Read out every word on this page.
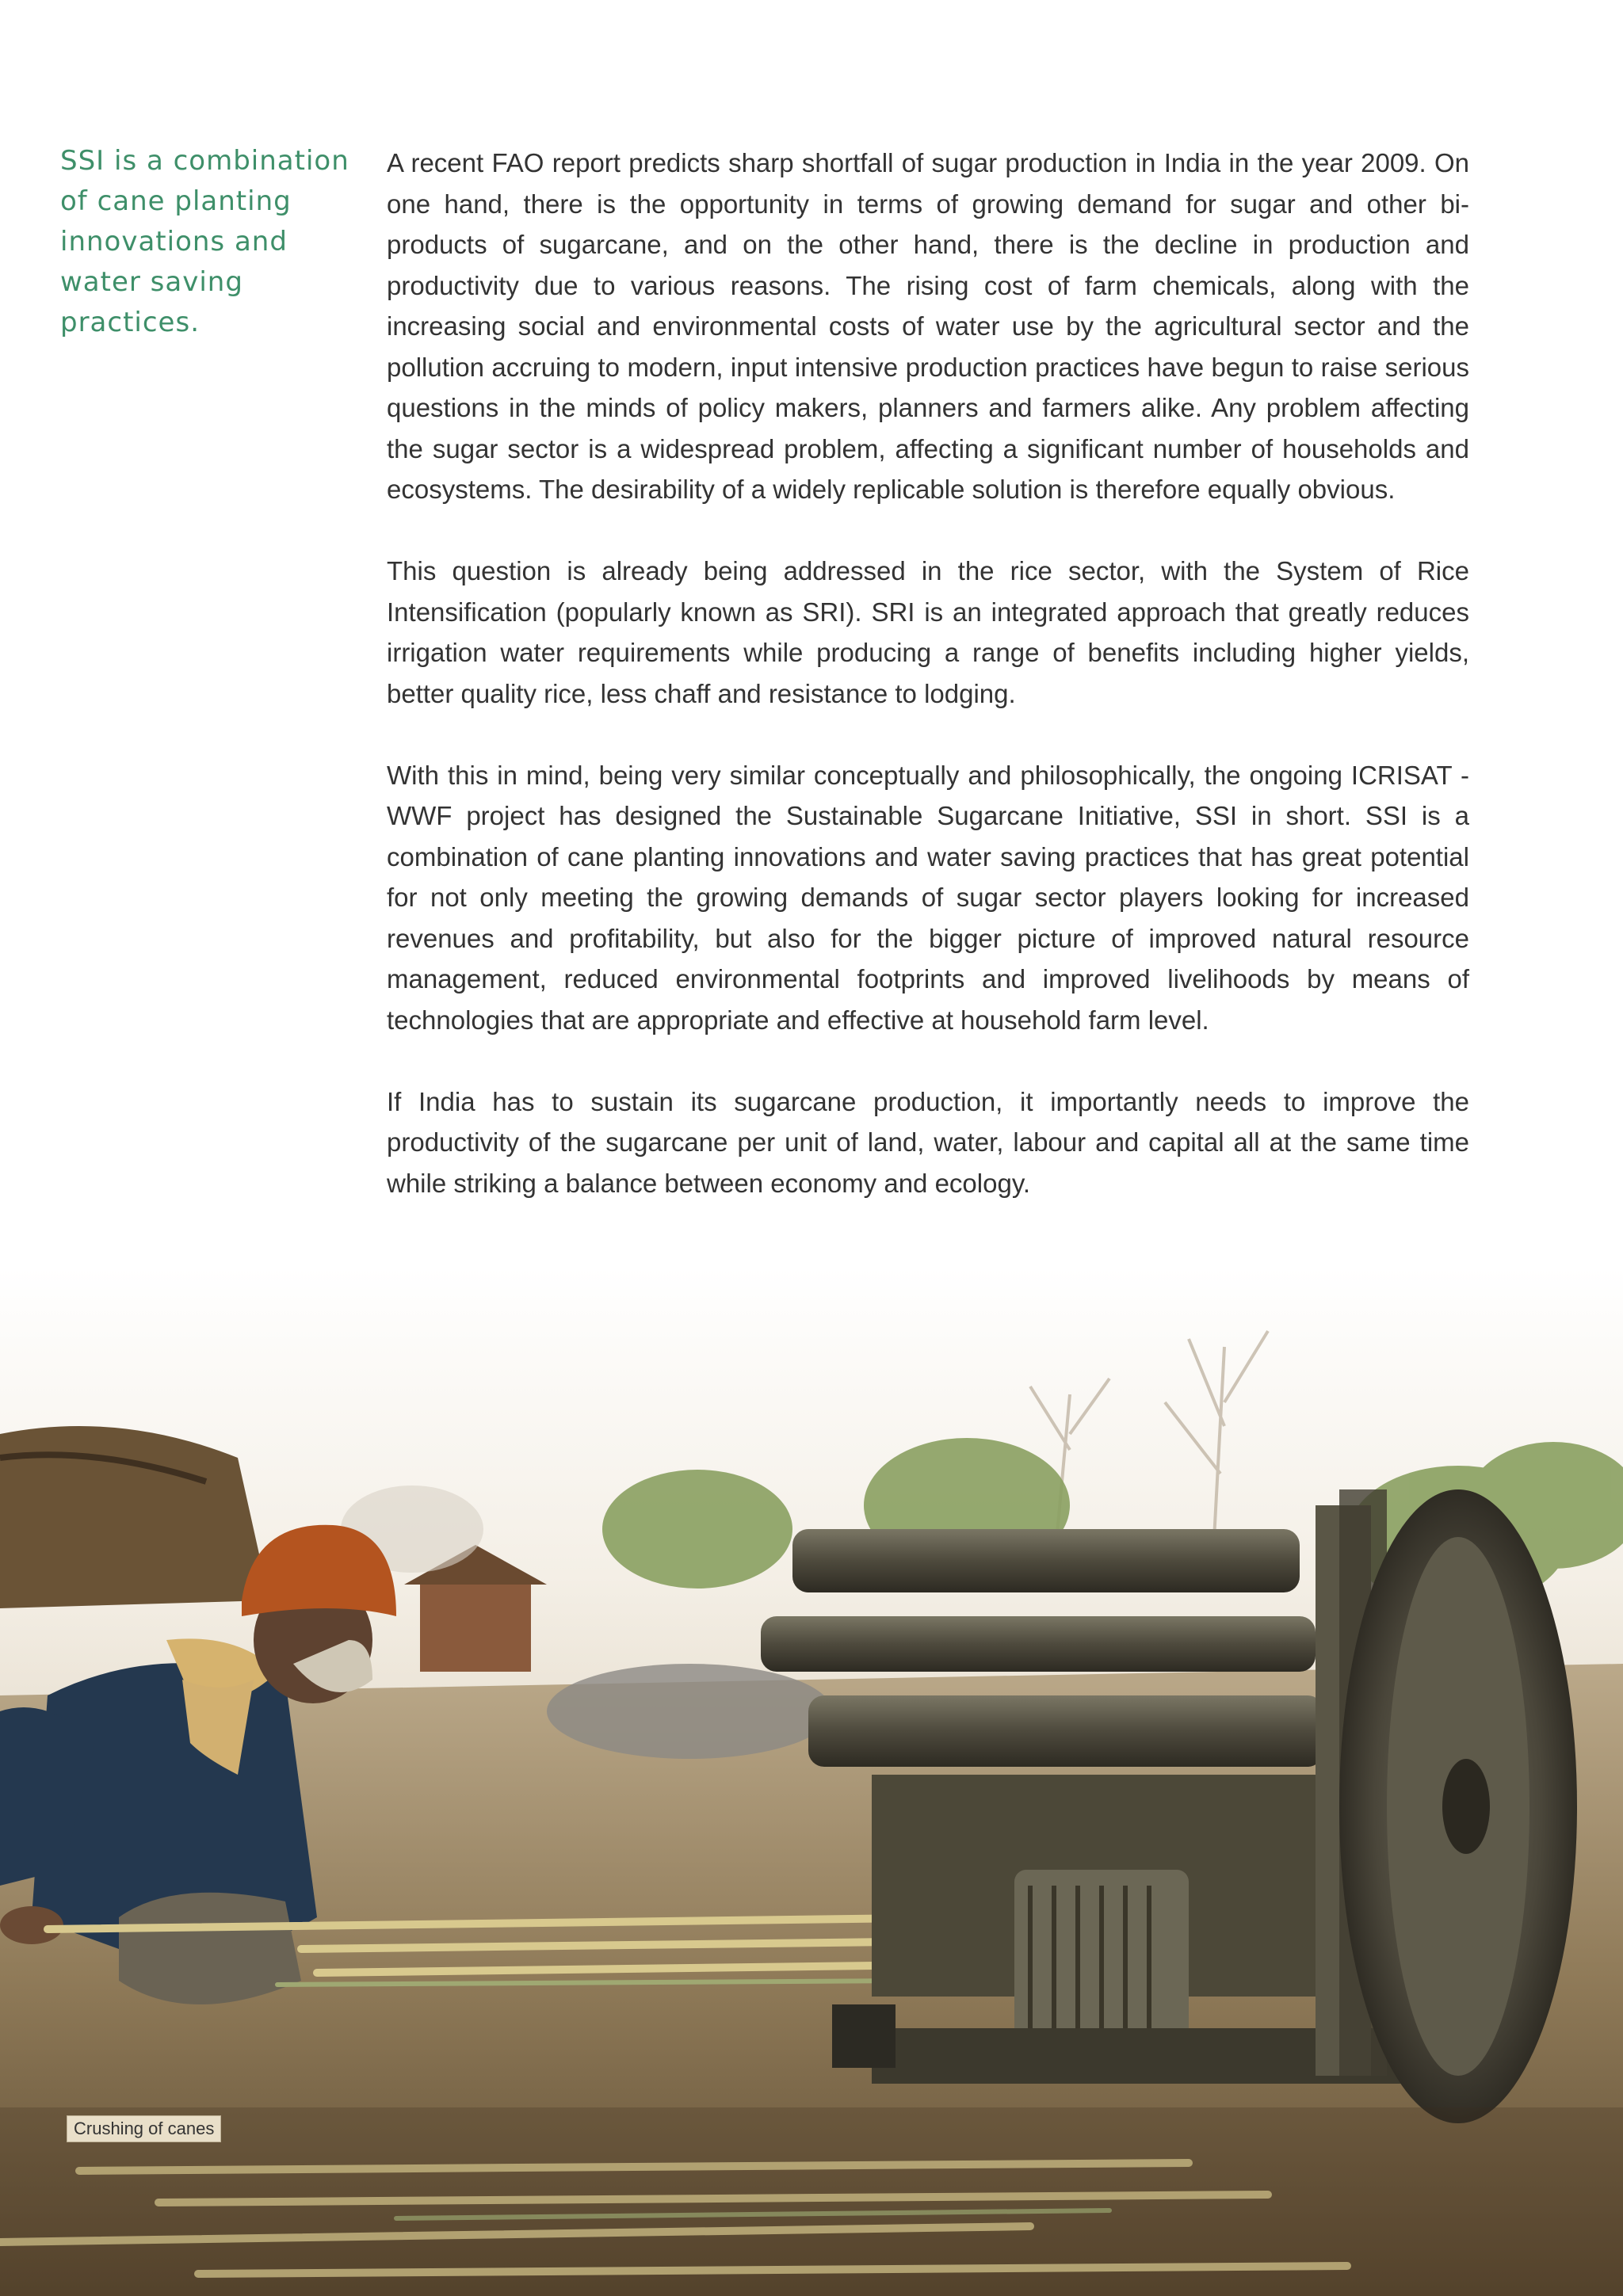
SSI is a combination of cane planting innovations and water saving practices.

A recent FAO report predicts sharp shortfall of sugar production in India in the year 2009. On one hand, there is the opportunity in terms of growing demand for sugar and other bi-products of sugarcane, and on the other hand, there is the decline in production and productivity due to various reasons. The rising cost of farm chemicals, along with the increasing social and environmental costs of water use by the agricultural sector and the pollution accruing to modern, input intensive production practices have begun to raise serious questions in the minds of policy makers, planners and farmers alike. Any problem affecting the sugar sector is a widespread problem, affecting a significant number of households and ecosystems. The desirability of a widely replicable solution is therefore equally obvious.

This question is already being addressed in the rice sector, with the System of Rice Intensification (popularly known as SRI). SRI is an integrated approach that greatly reduces irrigation water requirements while producing a range of benefits including higher yields, better quality rice, less chaff and resistance to lodging.

With this in mind, being very similar conceptually and philosophically, the ongoing ICRISAT - WWF project has designed the Sustainable Sugarcane Initiative, SSI in short. SSI is a combination of cane planting innovations and water saving practices that has great potential for not only meeting the growing demands of sugar sector players looking for increased revenues and profitability, but also for the bigger picture of improved natural resource management, reduced environmental footprints and improved livelihoods by means of technologies that are appropriate and effective at household farm level.

If India has to sustain its sugarcane production, it importantly needs to improve the productivity of the sugarcane per unit of land, water, labour and capital all at the same time while striking a balance between economy and ecology.

Crushing of canes
